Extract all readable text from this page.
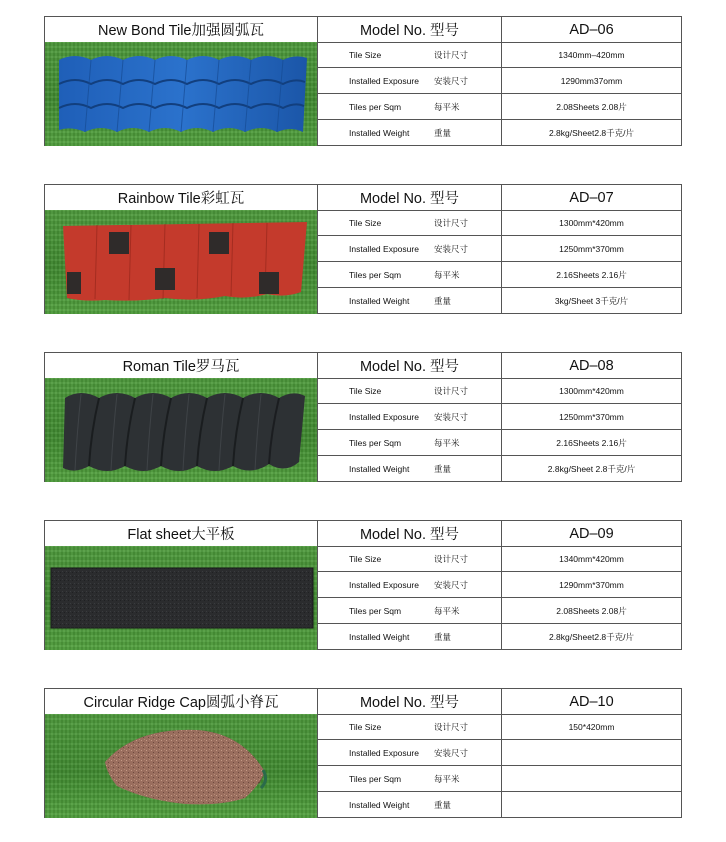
New Bond Tile加强圆弧瓦	Model No. 型号	AD–06
Tile Size	设计尺寸	1340mm–420mm
Installed Exposure	安装尺寸	1290mm37omm
Tiles per Sqm	每平米	2.08Sheets 2.08片
Installed Weight	重量	2.8kg/Sheet2.8千克/片
Rainbow Tile彩虹瓦	Model No. 型号	AD–07
Tile Size	设计尺寸	1300mm*420mm
Installed Exposure	安装尺寸	1250mm*370mm
Tiles per Sqm	每平米	2.16Sheets 2.16片
Installed Weight	重量	3kg/Sheet 3千克/片
Roman Tile罗马瓦	Model No. 型号	AD–08
Tile Size	设计尺寸	1300mm*420mm
Installed Exposure	安装尺寸	1250mm*370mm
Tiles per Sqm	每平米	2.16Sheets 2.16片
Installed Weight	重量	2.8kg/Sheet 2.8千克/片
Flat sheet大平板	Model No. 型号	AD–09
Tile Size	设计尺寸	1340mm*420mm
Installed Exposure	安装尺寸	1290mm*370mm
Tiles per Sqm	每平米	2.08Sheets 2.08片
Installed Weight	重量	2.8kg/Sheet2.8千克/片
Circular Ridge Cap圆弧小脊瓦	Model No. 型号	AD–10
Tile Size	设计尺寸	150*420mm
Installed Exposure	安装尺寸
Tiles per Sqm	每平米
Installed Weight	重量
